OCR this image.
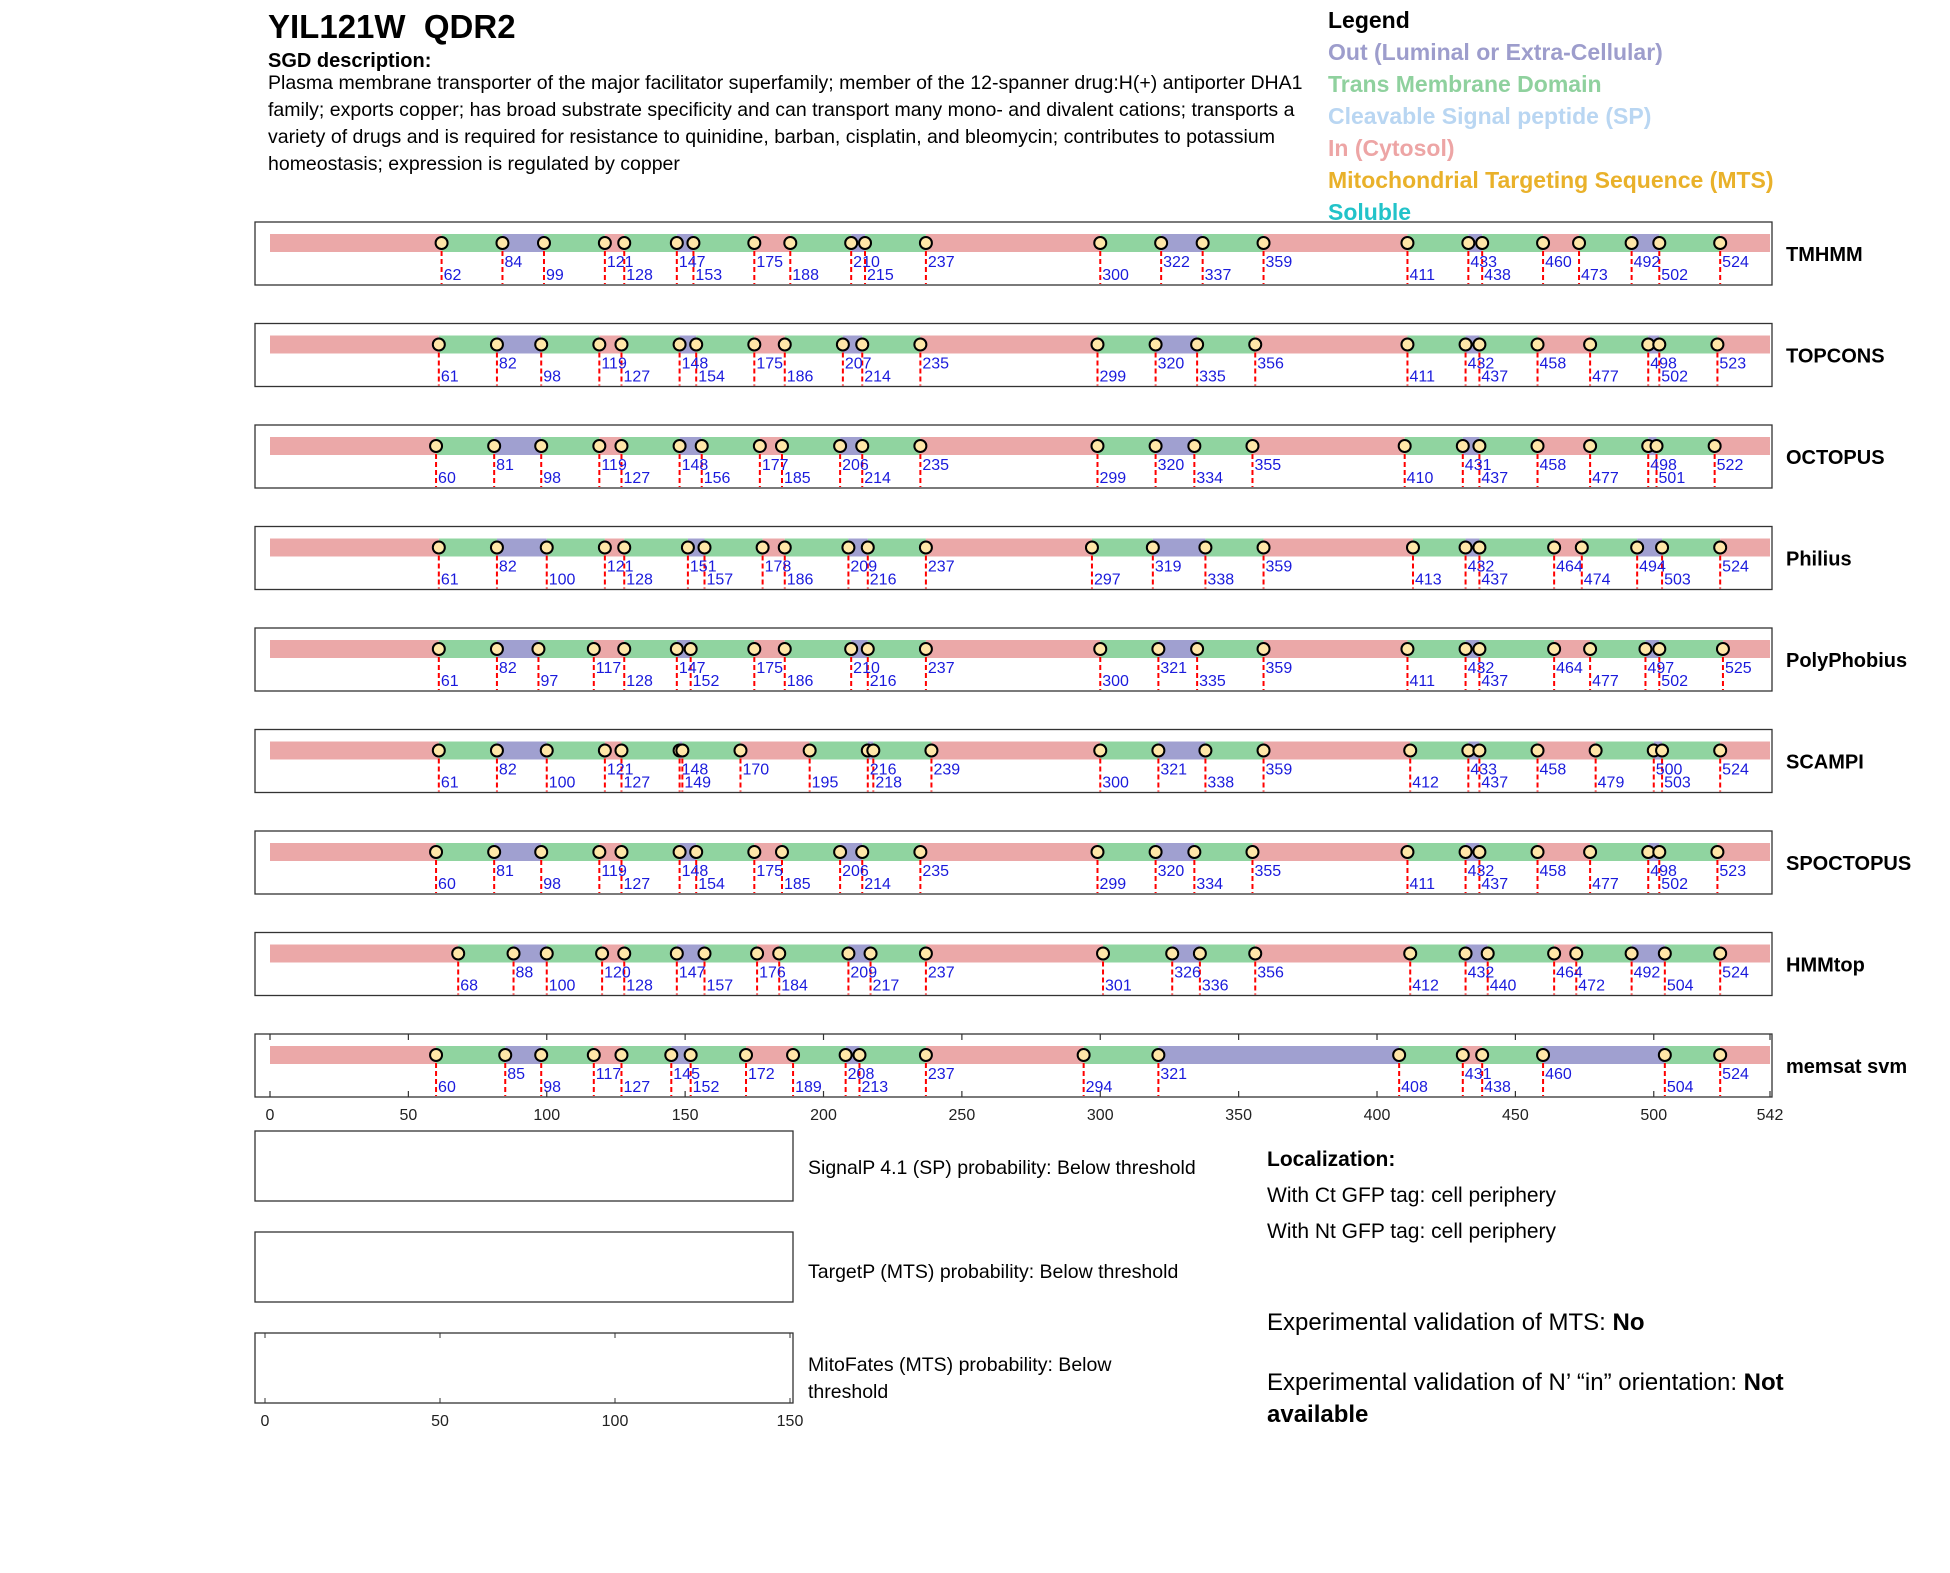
YIL121W  QDR2
SGD description:
Plasma membrane transporter of the major facilitator superfamily; member of the 12-spanner drug:H(+) antiporter DHA1 family; exports copper; has broad substrate specificity and can transport many mono- and divalent cations; transports a variety of drugs and is required for resistance to quinidine, barban, cisplatin, and bleomycin; contributes to potassium homeostasis; expression is regulated by copper
Legend
Out (Luminal or Extra-Cellular)
Trans Membrane Domain
Cleavable Signal peptide (SP)
In (Cytosol)
Mitochondrial Targeting Sequence (MTS)
Soluble
62
84
99
121
128
147
153
175
188
210
215
237
300
322
337
359
411
433
438
460
473
492
502
524 TMHMM
61
82
98
119
127
148
154
175
186
207
214
235
299
320
335
356
411
432
437
458
477
498
502
523 TOPCONS
60
81
98
119
127
148
156
177
185
206
214
235
299
320
334
355
410
431
437
458
477
498
501
522 OCTOPUS
61
82
100
121
128
151
157
178
186
209
216
237
297
319
338
359
413
432
437
464
474
494
503
524 Philius
61
82
97
117
128
147
152
175
186
210
216
237
300
321
335
359
411
432
437
464
477
497
502
525 PolyPhobius
61
82
100
121
127
148
149
170
195
216
218
239
300
321
338
359
412
433
437
458
479
500
503
524 SCAMPI
60
81
98
119
127
148
154
175
185
206
214
235
299
320
334
355
411
432
437
458
477
498
502
523 SPOCTOPUS
68
88
100
120
128
147
157
176
184
209
217
237
301
326
336
356
412
432
440
464
472
492
504
524 HMMtop
60
85
98
117
127
145
152
172
189
208
213
237
294
321
408
431
438
460
504
524 memsat svm
0	50	100	150	200	250	300	350	400	450	500	542
0	50	100	150
SignalP 4.1 (SP) probability: Below threshold
TargetP (MTS) probability: Below threshold
MitoFates (MTS) probability: Below threshold
Localization:
With Ct GFP tag: cell periphery
With Nt GFP tag: cell periphery
Experimental validation of MTS: No
Experimental validation of N’ “in” orientation: Not available
